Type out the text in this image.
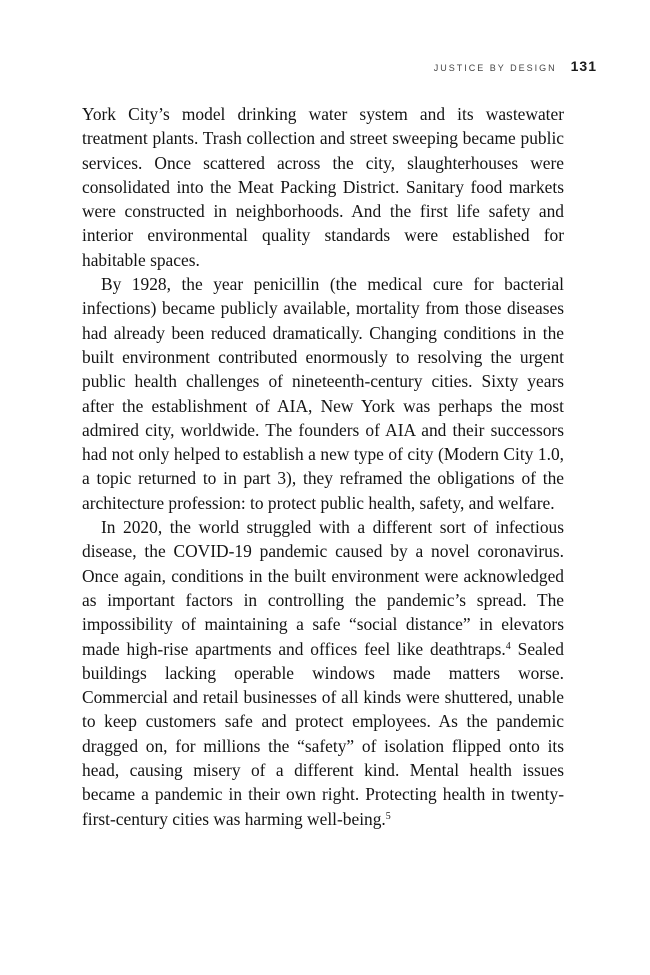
JUSTICE BY DESIGN 131

York City’s model drinking water system and its wastewater treatment plants. Trash collection and street sweeping became public services. Once scattered across the city, slaughterhouses were consolidated into the Meat Packing District. Sanitary food markets were constructed in neighborhoods. And the first life safety and interior environmental quality standards were established for habitable spaces.

By 1928, the year penicillin (the medical cure for bacterial infections) became publicly available, mortality from those diseases had already been reduced dramatically. Changing conditions in the built environment contributed enormously to resolving the urgent public health challenges of nineteenth-century cities. Sixty years after the establishment of AIA, New York was perhaps the most admired city, worldwide. The founders of AIA and their successors had not only helped to establish a new type of city (Modern City 1.0, a topic returned to in part 3), they reframed the obligations of the architecture profession: to protect public health, safety, and welfare.

In 2020, the world struggled with a different sort of infectious disease, the COVID-19 pandemic caused by a novel coronavirus. Once again, conditions in the built environment were acknowledged as important factors in controlling the pandemic’s spread. The impossibility of maintaining a safe “social distance” in elevators made high-rise apartments and offices feel like deathtraps.$^4$ Sealed buildings lacking operable windows made matters worse. Commercial and retail businesses of all kinds were shuttered, unable to keep customers safe and protect employees. As the pandemic dragged on, for millions the “safety” of isolation flipped onto its head, causing misery of a different kind. Mental health issues became a pandemic in their own right. Protecting health in twenty-first-century cities was harming well-being.$^5$
